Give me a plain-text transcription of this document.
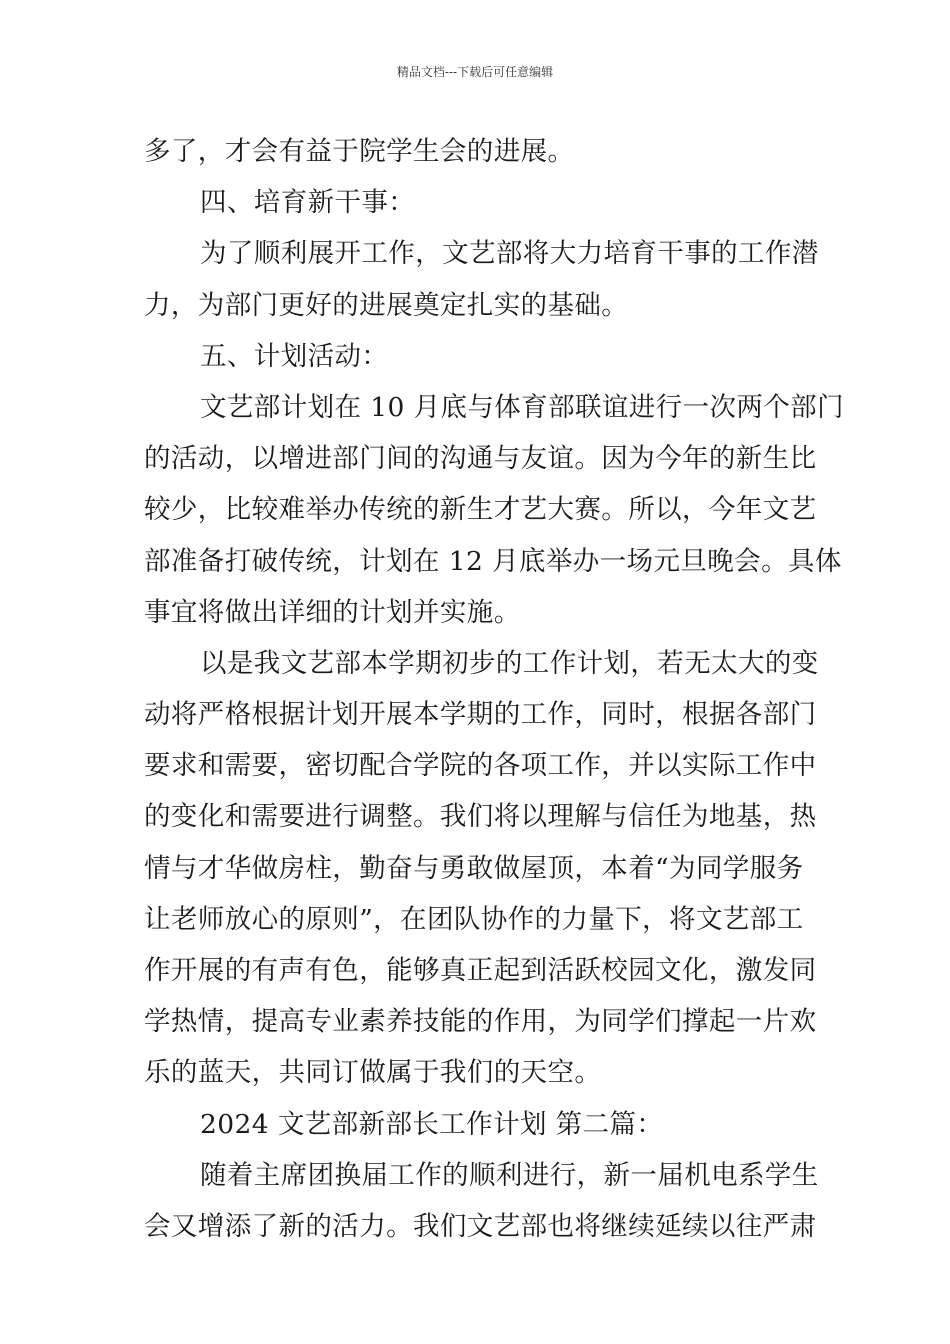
精品文档---下载后可任意编辑
多了，才会有益于院学生会的进展。
四、培育新干事：
为了顺利展开工作，文艺部将大力培育干事的工作潜
力，为部门更好的进展奠定扎实的基础。
五、计划活动：
文艺部计划在 10 月底与体育部联谊进行一次两个部门
的活动，以增进部门间的沟通与友谊。因为今年的新生比
较少，比较难举办传统的新生才艺大赛。所以，今年文艺
部准备打破传统，计划在 12 月底举办一场元旦晚会。具体
事宜将做出详细的计划并实施。
以是我文艺部本学期初步的工作计划，若无太大的变
动将严格根据计划开展本学期的工作，同时，根据各部门
要求和需要，密切配合学院的各项工作，并以实际工作中
的变化和需要进行调整。我们将以理解与信任为地基，热
情与才华做房柱，勤奋与勇敢做屋顶，本着“为同学服务
让老师放心的原则”，在团队协作的力量下，将文艺部工
作开展的有声有色，能够真正起到活跃校园文化，激发同
学热情，提高专业素养技能的作用，为同学们撑起一片欢
乐的蓝天，共同订做属于我们的天空。
2024 文艺部新部长工作计划 第二篇：
随着主席团换届工作的顺利进行，新一届机电系学生
会又增添了新的活力。我们文艺部也将继续延续以往严肃
